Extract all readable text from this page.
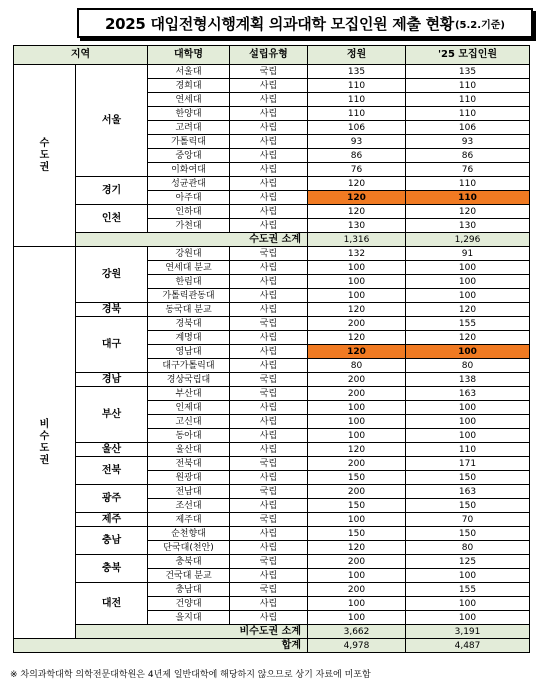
2025 대입전형시행계획 의과대학 모집인원 제출 현황 (5.2.기준)
지역		대학명	설립유형	정원	'25 모집인원
수
도
권	서울	서울대	국립	135	135
		경희대	사립	110	110
		연세대	사립	110	110
		한양대	사립	110	110
		고려대	사립	106	106
		가톨릭대	사립	93	93
		중앙대	사립	86	86
		이화여대	사립	76	76
	경기	성균관대	사립	120	110
		아주대	사립	120	110
	인천	인하대	사립	120	120
		가천대	사립	130	130
	수도권 소계			1,316	1,296
비
수
도
권	강원	강원대	국립	132	91
		연세대 분교	사립	100	100
		한림대	사립	100	100
		가톨릭관동대	사립	100	100
	경북	동국대 분교	사립	120	120
	대구	경북대	국립	200	155
		계명대	사립	120	120
		영남대	사립	120	100
		대구가톨릭대	사립	80	80
	경남	경상국립대	국립	200	138
	부산	부산대	국립	200	163
		인제대	사립	100	100
		고신대	사립	100	100
		동아대	사립	100	100
	울산	울산대	사립	120	110
	전북	전북대	국립	200	171
		원광대	사립	150	150
	광주	전남대	국립	200	163
		조선대	사립	150	150
	제주	제주대	국립	100	70
	충남	순천향대	사립	150	150
		단국대(천안)	사립	120	80
	충북	충북대	국립	200	125
		건국대 분교	사립	100	100
	대전	충남대	국립	200	155
		건양대	사립	100	100
		을지대	사립	100	100
	비수도권 소계			3,662	3,191
합계				4,978	4,487
※ 차의과학대학 의학전문대학원은 4년제 일반대학에 해당하지 않으므로 상기 자료에 미포함
